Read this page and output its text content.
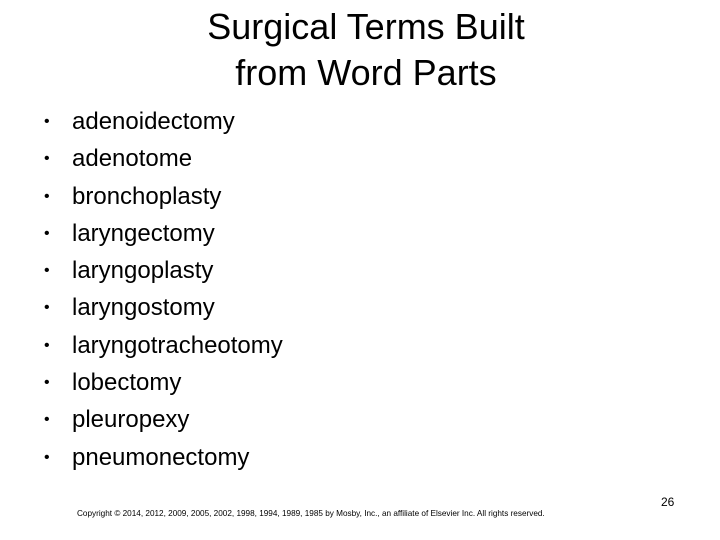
Surgical Terms Built
from Word Parts
• adenoidectomy
• adenotome
• bronchoplasty
• laryngectomy
• laryngoplasty
• laryngostomy
• laryngotracheotomy
• lobectomy
• pleuropexy
• pneumonectomy
Copyright © 2014, 2012, 2009, 2005, 2002, 1998, 1994, 1989, 1985 by Mosby, Inc., an affiliate of Elsevier Inc. All rights reserved.
26
